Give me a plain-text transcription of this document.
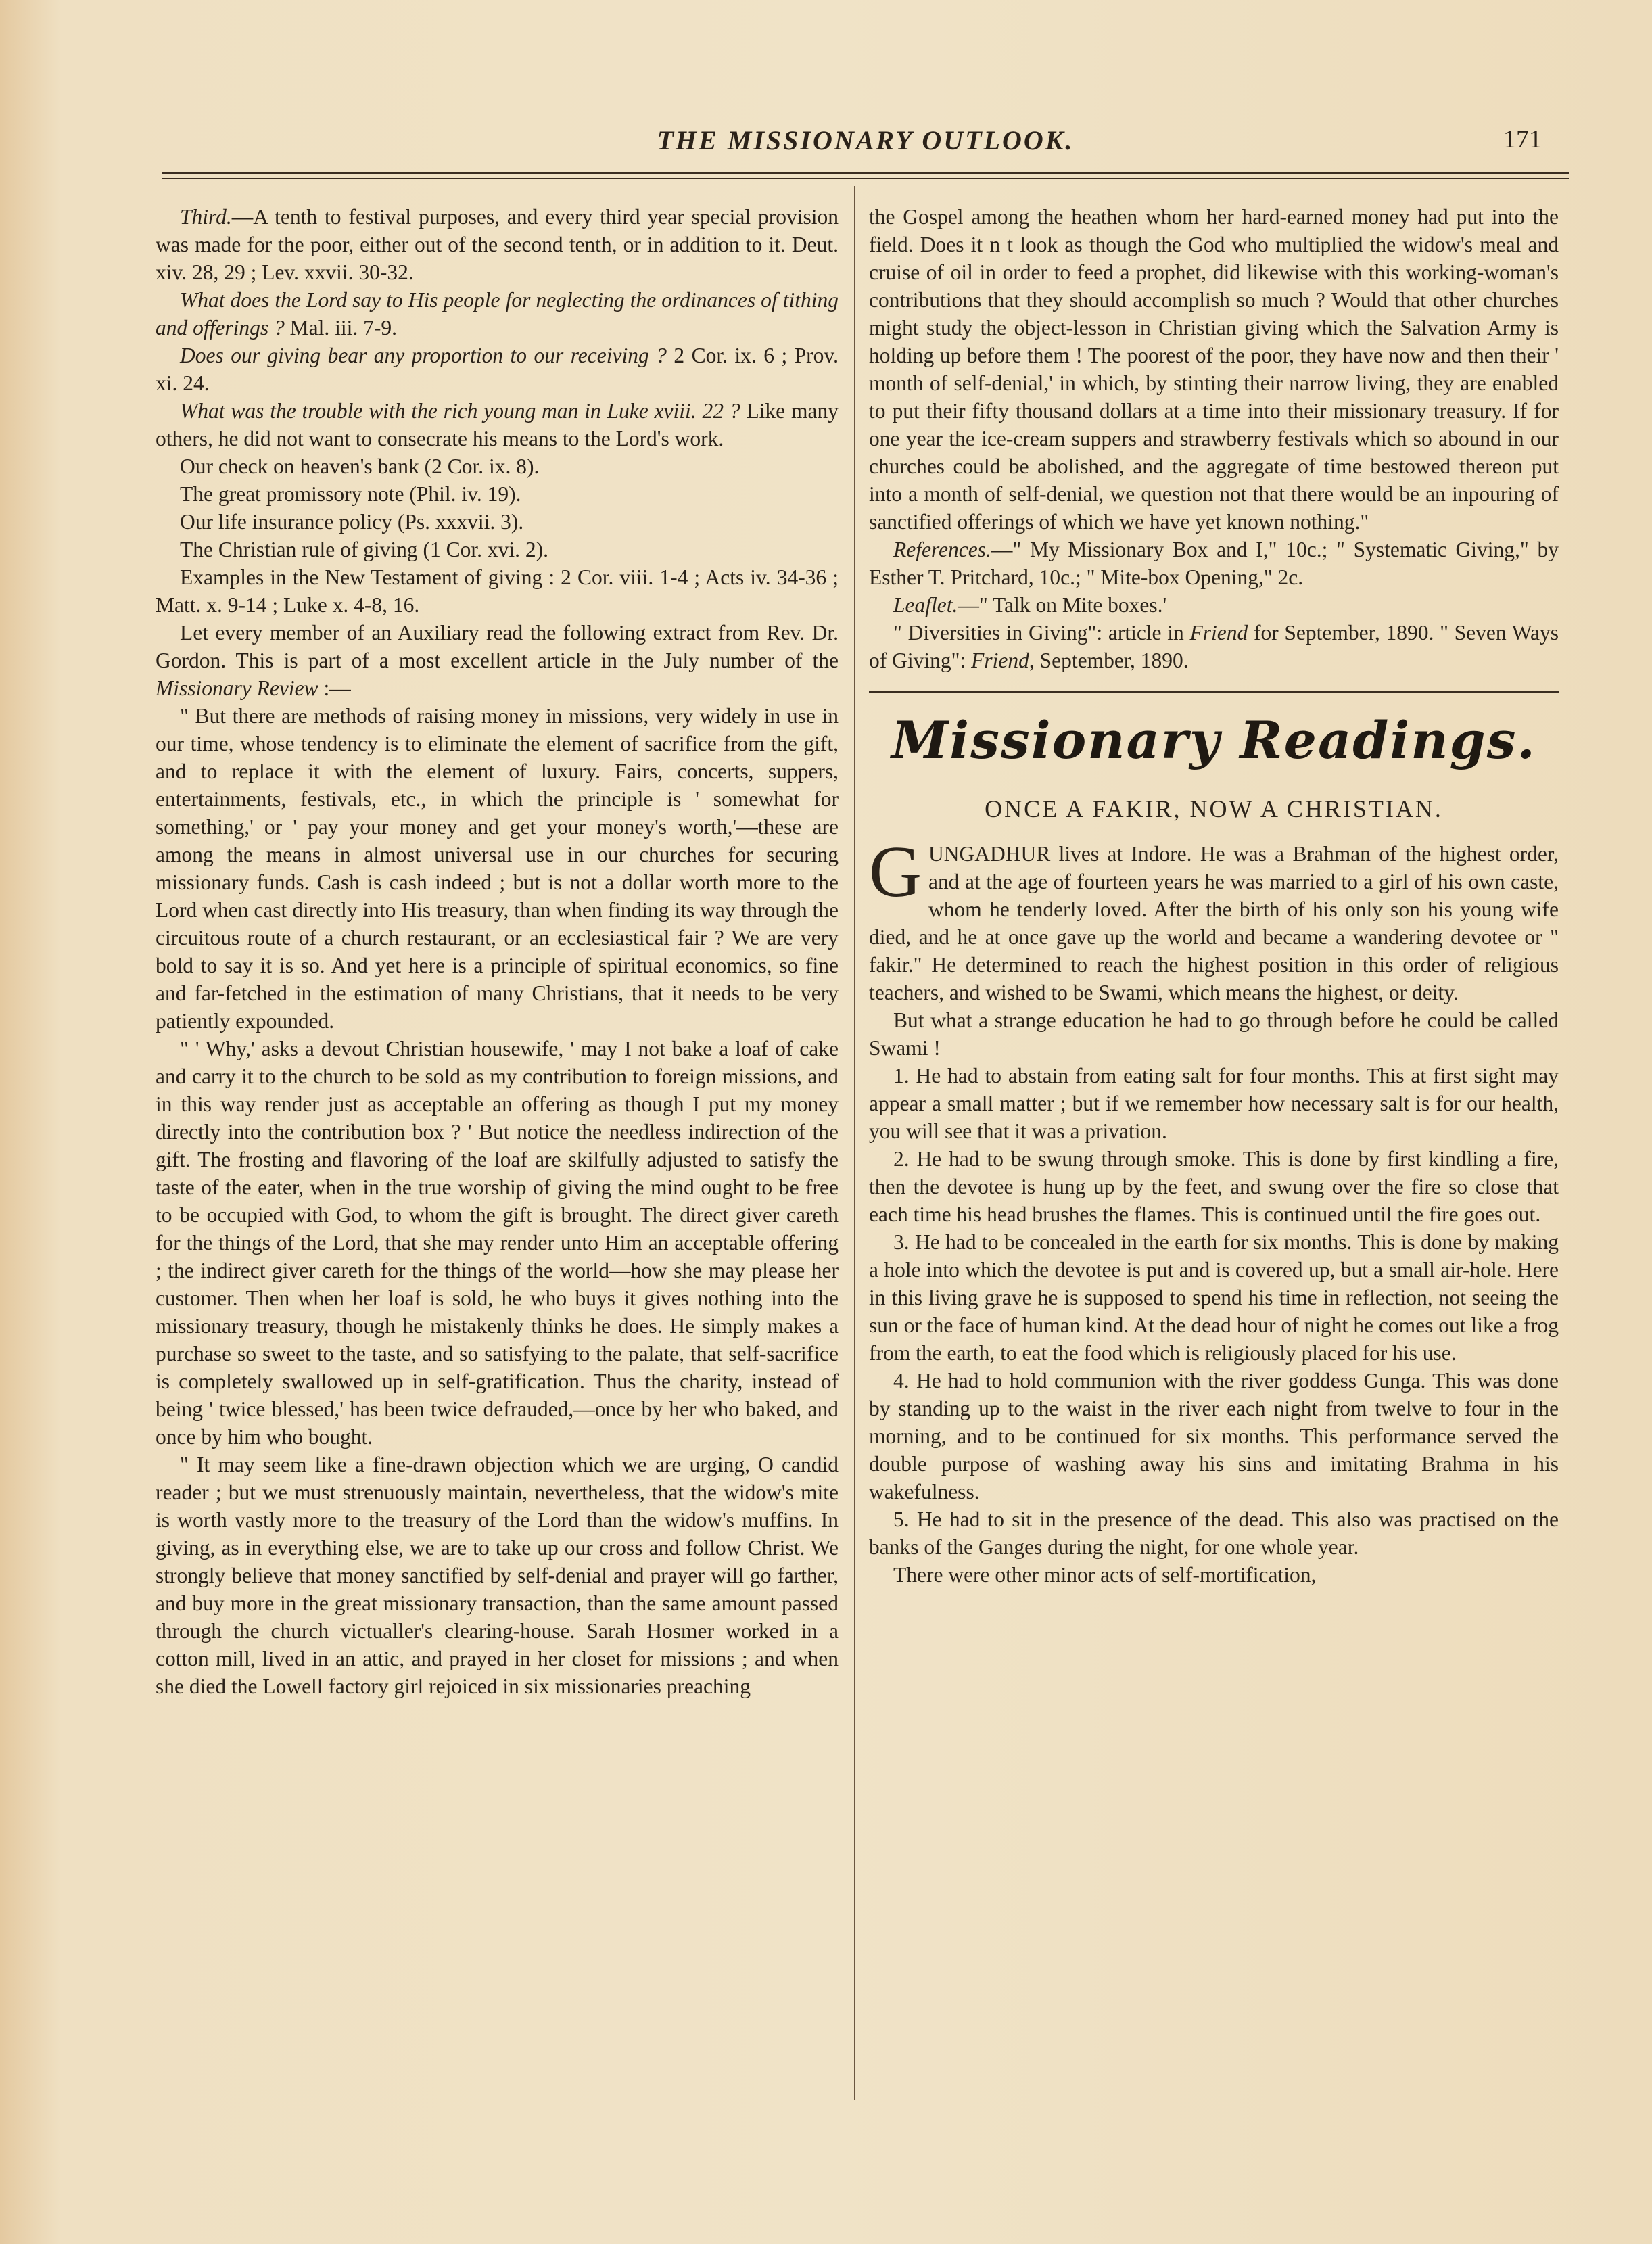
THE MISSIONARY OUTLOOK.	171

Third.—A tenth to festival purposes, and every third year special provision was made for the poor, either out of the second tenth, or in addition to it. Deut. xiv. 28, 29 ; Lev. xxvii. 30-32.

What does the Lord say to His people for neglecting the ordinances of tithing and offerings ? Mal. iii. 7-9.

Does our giving bear any proportion to our receiving ? 2 Cor. ix. 6 ; Prov. xi. 24.

What was the trouble with the rich young man in Luke xviii. 22 ? Like many others, he did not want to consecrate his means to the Lord's work.

Our check on heaven's bank (2 Cor. ix. 8).

The great promissory note (Phil. iv. 19).

Our life insurance policy (Ps. xxxvii. 3).

The Christian rule of giving (1 Cor. xvi. 2).

Examples in the New Testament of giving : 2 Cor. viii. 1-4 ; Acts iv. 34-36 ; Matt. x. 9-14 ; Luke x. 4-8, 16.

Let every member of an Auxiliary read the following extract from Rev. Dr. Gordon. This is part of a most excellent article in the July number of the Missionary Review :—

" But there are methods of raising money in missions, very widely in use in our time, whose tendency is to eliminate the element of sacrifice from the gift, and to replace it with the element of luxury. Fairs, concerts, suppers, entertainments, festivals, etc., in which the principle is ' somewhat for something,' or ' pay your money and get your money's worth,'—these are among the means in almost universal use in our churches for securing missionary funds. Cash is cash indeed ; but is not a dollar worth more to the Lord when cast directly into His treasury, than when finding its way through the circuitous route of a church restaurant, or an ecclesiastical fair ? We are very bold to say it is so. And yet here is a principle of spiritual economics, so fine and far-fetched in the estimation of many Christians, that it needs to be very patiently expounded.

" ' Why,' asks a devout Christian housewife, ' may I not bake a loaf of cake and carry it to the church to be sold as my contribution to foreign missions, and in this way render just as acceptable an offering as though I put my money directly into the contribution box ? ' But notice the needless indirection of the gift. The frosting and flavoring of the loaf are skilfully adjusted to satisfy the taste of the eater, when in the true worship of giving the mind ought to be free to be occupied with God, to whom the gift is brought. The direct giver careth for the things of the Lord, that she may render unto Him an acceptable offering ; the indirect giver careth for the things of the world—how she may please her customer. Then when her loaf is sold, he who buys it gives nothing into the missionary treasury, though he mistakenly thinks he does. He simply makes a purchase so sweet to the taste, and so satisfying to the palate, that self-sacrifice is completely swallowed up in self-gratification. Thus the charity, instead of being ' twice blessed,' has been twice defrauded,—once by her who baked, and once by him who bought.

" It may seem like a fine-drawn objection which we are urging, O candid reader ; but we must strenuously maintain, nevertheless, that the widow's mite is worth vastly more to the treasury of the Lord than the widow's muffins. In giving, as in everything else, we are to take up our cross and follow Christ. We strongly believe that money sanctified by self-denial and prayer will go farther, and buy more in the great missionary transaction, than the same amount passed through the church victualler's clearing-house. Sarah Hosmer worked in a cotton mill, lived in an attic, and prayed in her closet for missions ; and when she died the Lowell factory girl rejoiced in six missionaries preaching

the Gospel among the heathen whom her hard-earned money had put into the field. Does it n t look as though the God who multiplied the widow's meal and cruise of oil in order to feed a prophet, did likewise with this working-woman's contributions that they should accomplish so much ? Would that other churches might study the object-lesson in Christian giving which the Salvation Army is holding up before them ! The poorest of the poor, they have now and then their ' month of self-denial,' in which, by stinting their narrow living, they are enabled to put their fifty thousand dollars at a time into their missionary treasury. If for one year the ice-cream suppers and strawberry festivals which so abound in our churches could be abolished, and the aggregate of time bestowed thereon put into a month of self-denial, we question not that there would be an inpouring of sanctified offerings of which we have yet known nothing."

References.—" My Missionary Box and I," 10c.; " Systematic Giving," by Esther T. Pritchard, 10c.; " Mite-box Opening," 2c.

Leaflet.—" Talk on Mite boxes.'

" Diversities in Giving": article in Friend for September, 1890. " Seven Ways of Giving": Friend, September, 1890.

Missionary Readings.
ONCE A FAKIR, NOW A CHRISTIAN.

GUNGADHUR lives at Indore. He was a Brahman of the highest order, and at the age of fourteen years he was married to a girl of his own caste, whom he tenderly loved. After the birth of his only son his young wife died, and he at once gave up the world and became a wandering devotee or " fakir." He determined to reach the highest position in this order of religious teachers, and wished to be Swami, which means the highest, or deity.

But what a strange education he had to go through before he could be called Swami !

1. He had to abstain from eating salt for four months. This at first sight may appear a small matter ; but if we remember how necessary salt is for our health, you will see that it was a privation.

2. He had to be swung through smoke. This is done by first kindling a fire, then the devotee is hung up by the feet, and swung over the fire so close that each time his head brushes the flames. This is continued until the fire goes out.

3. He had to be concealed in the earth for six months. This is done by making a hole into which the devotee is put and is covered up, but a small air-hole. Here in this living grave he is supposed to spend his time in reflection, not seeing the sun or the face of human kind. At the dead hour of night he comes out like a frog from the earth, to eat the food which is religiously placed for his use.

4. He had to hold communion with the river goddess Gunga. This was done by standing up to the waist in the river each night from twelve to four in the morning, and to be continued for six months. This performance served the double purpose of washing away his sins and imitating Brahma in his wakefulness.

5. He had to sit in the presence of the dead. This also was practised on the banks of the Ganges during the night, for one whole year.

There were other minor acts of self-mortification,
